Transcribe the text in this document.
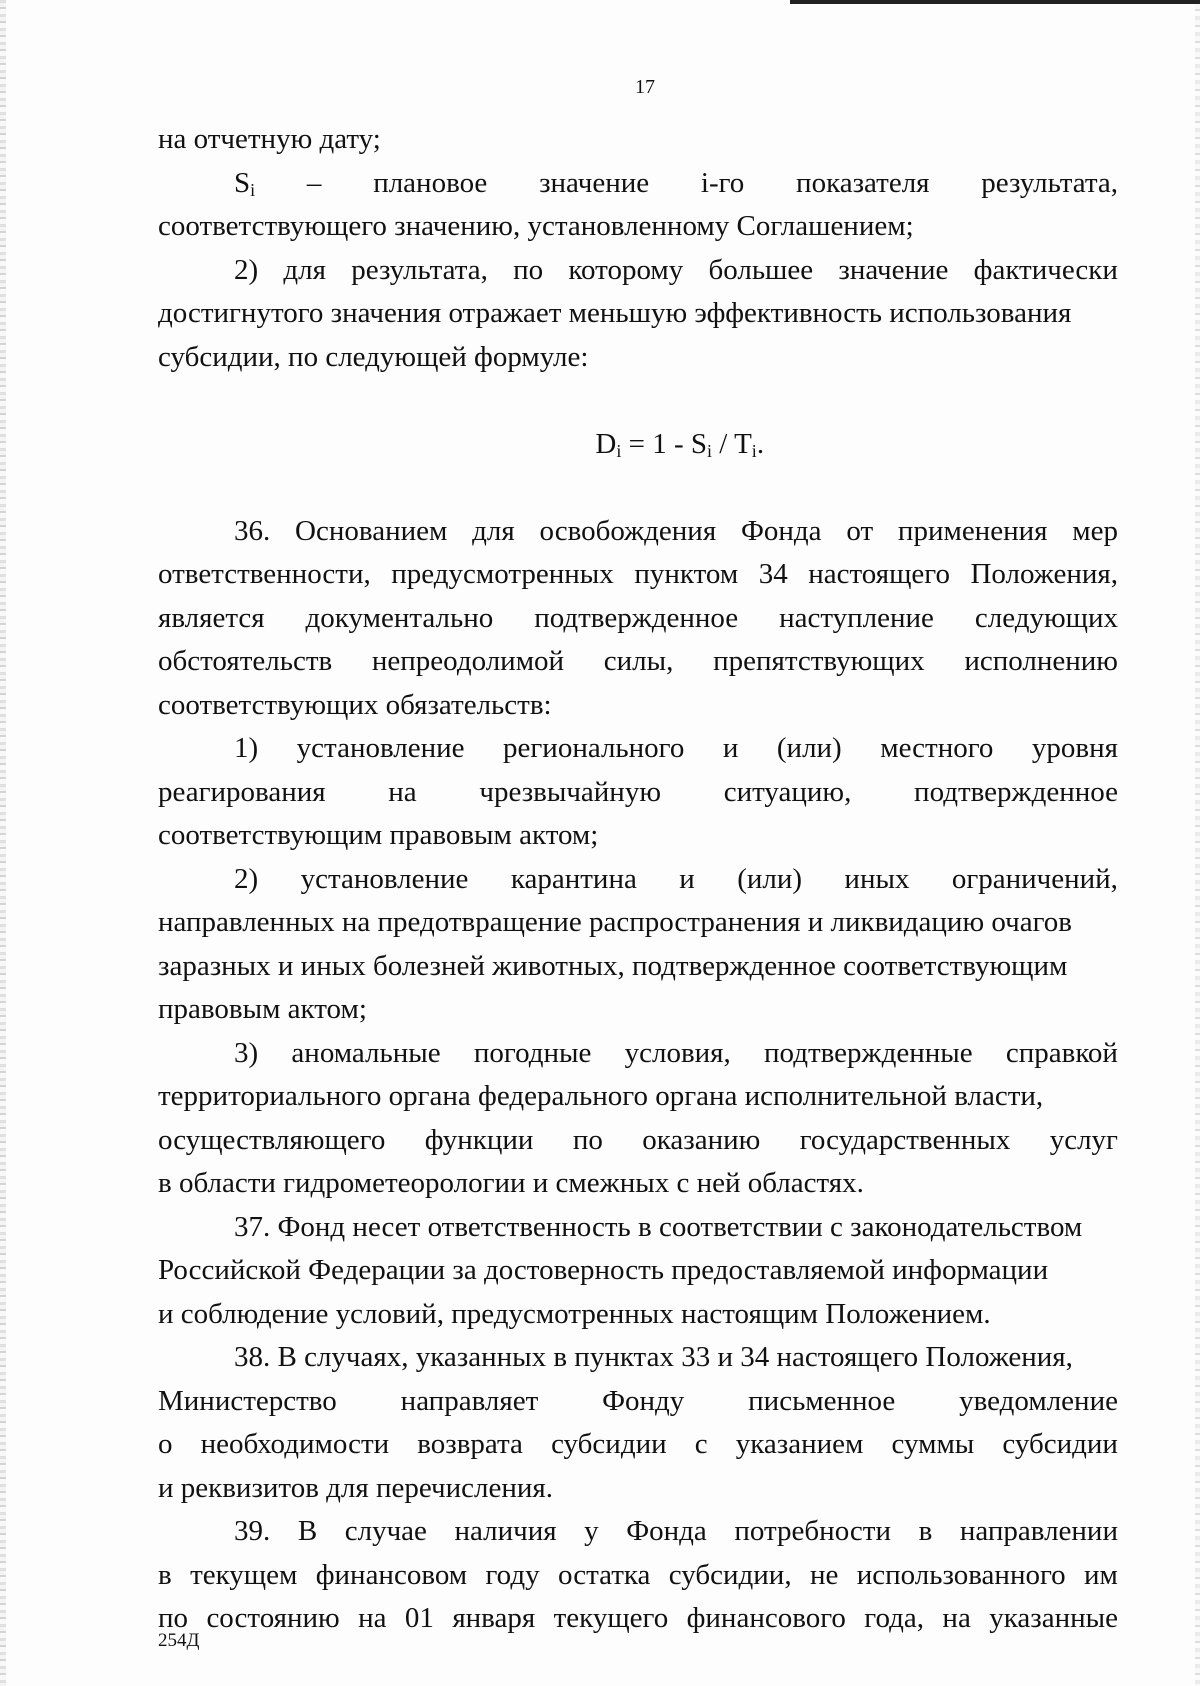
17
на отчетную дату;
$S_i$ – плановое значение i-го показателя результата,
соответствующего значению, установленному Соглашением;
2) для результата, по которому большее значение фактически
достигнутого значения отражает меньшую эффективность использования
субсидии, по следующей формуле:

$D_i = 1 - S_i / T_i$.

36. Основанием для освобождения Фонда от применения мер
ответственности, предусмотренных пунктом 34 настоящего Положения,
является документально подтвержденное наступление следующих
обстоятельств непреодолимой силы, препятствующих исполнению
соответствующих обязательств:
1) установление регионального и (или) местного уровня
реагирования на чрезвычайную ситуацию, подтвержденное
соответствующим правовым актом;
2) установление карантина и (или) иных ограничений,
направленных на предотвращение распространения и ликвидацию очагов
заразных и иных болезней животных, подтвержденное соответствующим
правовым актом;
3) аномальные погодные условия, подтвержденные справкой
территориального органа федерального органа исполнительной власти,
осуществляющего функции по оказанию государственных услуг
в области гидрометеорологии и смежных с ней областях.
37. Фонд несет ответственность в соответствии с законодательством
Российской Федерации за достоверность предоставляемой информации
и соблюдение условий, предусмотренных настоящим Положением.
38. В случаях, указанных в пунктах 33 и 34 настоящего Положения,
Министерство направляет Фонду письменное уведомление
о необходимости возврата субсидии с указанием суммы субсидии
и реквизитов для перечисления.
39. В случае наличия у Фонда потребности в направлении
в текущем финансовом году остатка субсидии, не использованного им
по состоянию на 01 января текущего финансового года, на указанные
254Д
